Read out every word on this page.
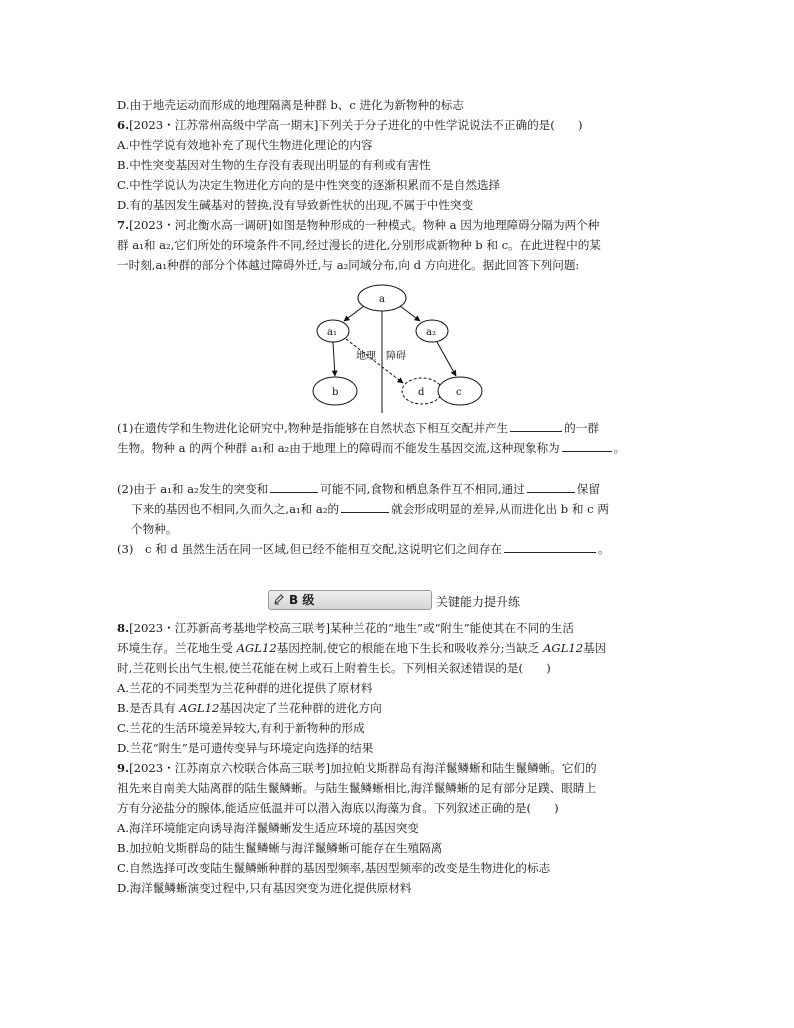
D.由于地壳运动而形成的地理隔离是种群 b、c 进化为新物种的标志
6.[2023・江苏常州高级中学高一期末]下列关于分子进化的中性学说说法不正确的是(　　)
A.中性学说有效地补充了现代生物进化理论的内容
B.中性突变基因对生物的生存没有表现出明显的有利或有害性
C.中性学说认为决定生物进化方向的是中性突变的逐渐积累而不是自然选择
D.有的基因发生碱基对的替换,没有导致新性状的出现,不属于中性突变
7.[2023・河北衡水高一调研]如图是物种形成的一种模式。物种 a 因为地理障碍分隔为两个种
群 a₁和 a₂,它们所处的环境条件不同,经过漫长的进化,分别形成新物种 b 和 c。在此进程中的某
一时刻,a₁种群的部分个体越过障碍外迁,与 a₂同域分布,向 d 方向进化。据此回答下列问题:
a
a₁	a₂
b	d	c
地理 障碍
(1)在遗传学和生物进化论研究中,物种是指能够在自然状态下相互交配并产生	的一群
生物。物种 a 的两个种群 a₁和 a₂由于地理上的障碍而不能发生基因交流,这种现象称为	。
(2)由于 a₁和 a₂发生的突变和	可能不同,食物和栖息条件互不相同,通过	保留
下来的基因也不相同,久而久之,a₁和 a₂的	就会形成明显的差异,从而进化出 b 和 c 两
个物种。
(3)　c 和 d 虽然生活在同一区域,但已经不能相互交配,这说明它们之间存在	。
B 级	关键能力提升练
8.[2023・江苏新高考基地学校高三联考]某种兰花的“地生”或“附生”能使其在不同的生活
环境生存。兰花地生受 AGL12基因控制,使它的根能在地下生长和吸收养分;当缺乏 AGL12基因
时,兰花则长出气生根,使兰花能在树上或石上附着生长。下列相关叙述错误的是(　　)
A.兰花的不同类型为兰花种群的进化提供了原材料
B.是否具有 AGL12基因决定了兰花种群的进化方向
C.兰花的生活环境差异较大,有利于新物种的形成
D.兰花“附生”是可遗传变异与环境定向选择的结果
9.[2023・江苏南京六校联合体高三联考]加拉帕戈斯群岛有海洋鬣鳞蜥和陆生鬣鳞蜥。它们的
祖先来自南美大陆离群的陆生鬣鳞蜥。与陆生鬣鳞蜥相比,海洋鬣鳞蜥的足有部分足蹼、眼睛上
方有分泌盐分的腺体,能适应低温并可以潜入海底以海藻为食。下列叙述正确的是(　　)
A.海洋环境能定向诱导海洋鬣鳞蜥发生适应环境的基因突变
B.加拉帕戈斯群岛的陆生鬣鳞蜥与海洋鬣鳞蜥可能存在生殖隔离
C.自然选择可改变陆生鬣鳞蜥种群的基因型频率,基因型频率的改变是生物进化的标志
D.海洋鬣鳞蜥演变过程中,只有基因突变为进化提供原材料
